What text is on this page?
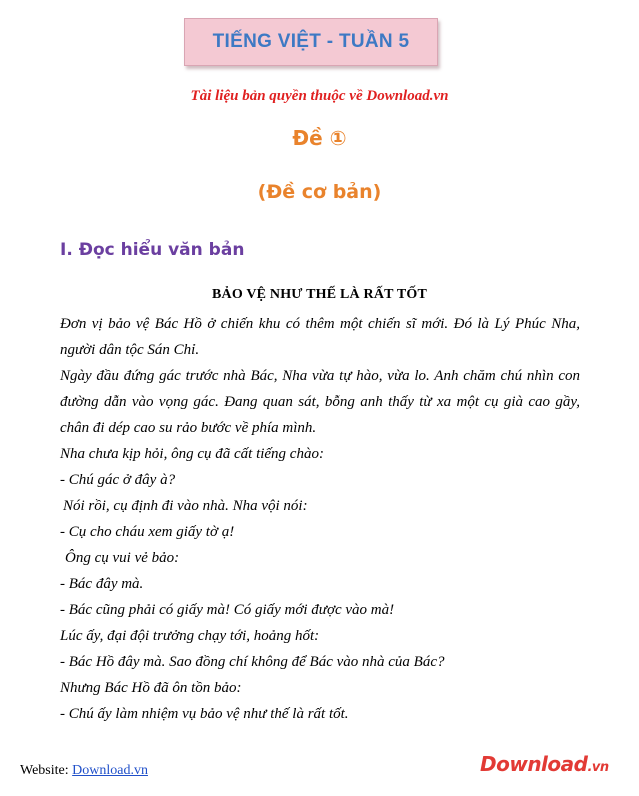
TIẾNG VIỆT - TUẦN 5
Tài liệu bản quyền thuộc về Download.vn
Đề ①
(Đề cơ bản)
I. Đọc hiểu văn bản
BẢO VỆ NHƯ THẾ LÀ RẤT TỐT

Đơn vị bảo vệ Bác Hồ ở chiến khu có thêm một chiến sĩ mới. Đó là Lý Phúc Nha, người dân tộc Sán Chỉ.

Ngày đầu đứng gác trước nhà Bác, Nha vừa tự hào, vừa lo. Anh chăm chú nhìn con đường dẫn vào vọng gác. Đang quan sát, bỗng anh thấy từ xa một cụ già cao gầy, chân đi dép cao su rảo bước về phía mình.

Nha chưa kịp hỏi, ông cụ đã cất tiếng chào:

- Chú gác ở đây à?

Nói rồi, cụ định đi vào nhà. Nha vội nói:

- Cụ cho cháu xem giấy tờ ạ!

Ông cụ vui vẻ bảo:

- Bác đây mà.

- Bác cũng phải có giấy mà! Có giấy mới được vào mà!

Lúc ấy, đại đội trưởng chạy tới, hoảng hốt:

- Bác Hồ đây mà. Sao đồng chí không để Bác vào nhà của Bác?

Nhưng Bác Hồ đã ôn tồn bảo:

- Chú ấy làm nhiệm vụ bảo vệ như thế là rất tốt.

Website: Download.vn	Download.vn
